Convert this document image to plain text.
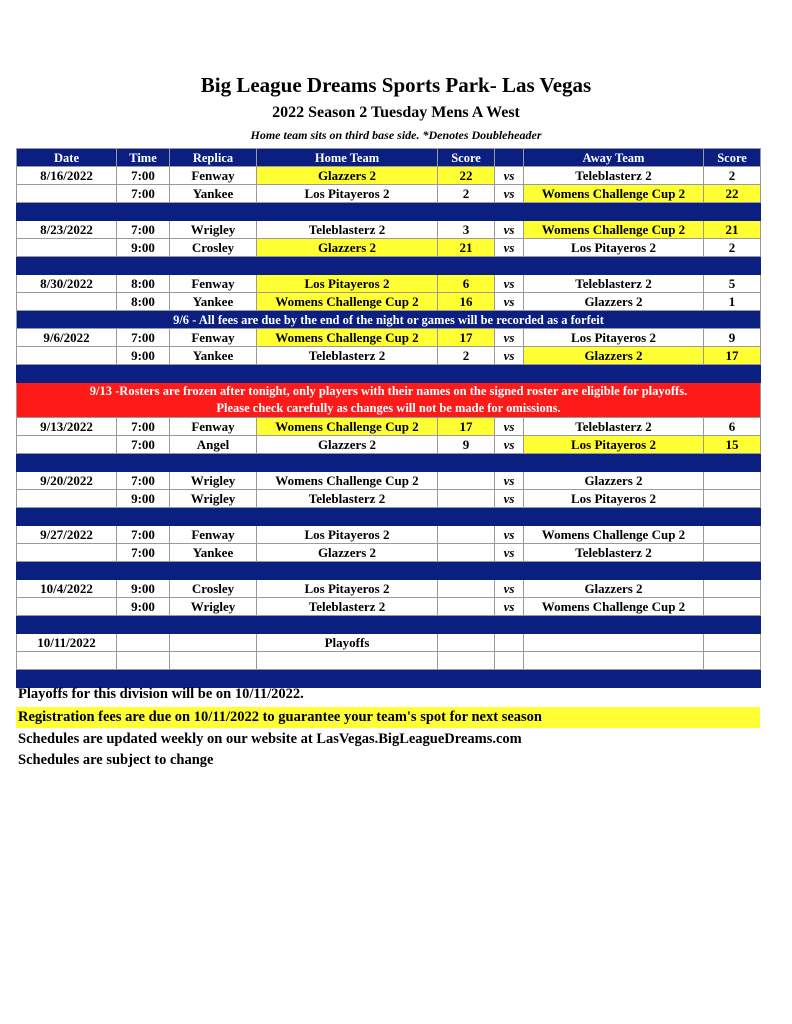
Big League Dreams Sports Park- Las Vegas
2022 Season 2 Tuesday Mens A West
Home team sits on third base side. *Denotes Doubleheader
Date	Time	Replica	Home Team	Score		Away Team	Score
8/16/2022	7:00	Fenway	Glazzers 2	22	vs	Teleblasterz 2	2
	7:00	Yankee	Los Pitayeros 2	2	vs	Womens Challenge Cup 2	22

8/23/2022	7:00	Wrigley	Teleblasterz 2	3	vs	Womens Challenge Cup 2	21
	9:00	Crosley	Glazzers 2	21	vs	Los Pitayeros 2	2

8/30/2022	8:00	Fenway	Los Pitayeros 2	6	vs	Teleblasterz 2	5
	8:00	Yankee	Womens Challenge Cup 2	16	vs	Glazzers 2	1
9/6 - All fees are due by the end of the night or games will be recorded as a forfeit							
9/6/2022	7:00	Fenway	Womens Challenge Cup 2	17	vs	Los Pitayeros 2	9
	9:00	Yankee	Teleblasterz 2	2	vs	Glazzers 2	17

9/13 -Rosters are frozen after tonight, only players with their names on the signed roster are eligible for playoffs.
Please check carefully as changes will not be made for omissions.							

9/13/2022	7:00	Fenway	Womens Challenge Cup 2	17	vs	Teleblasterz 2	6
	7:00	Angel	Glazzers 2	9	vs	Los Pitayeros 2	15

9/20/2022	7:00	Wrigley	Womens Challenge Cup 2		vs	Glazzers 2	
	9:00	Wrigley	Teleblasterz 2		vs	Los Pitayeros 2	

9/27/2022	7:00	Fenway	Los Pitayeros 2		vs	Womens Challenge Cup 2	
	7:00	Yankee	Glazzers 2		vs	Teleblasterz 2	

10/4/2022	9:00	Crosley	Los Pitayeros 2		vs	Glazzers 2	
	9:00	Wrigley	Teleblasterz 2		vs	Womens Challenge Cup 2	

10/11/2022			Playoffs				

Playoffs for this division will be on 10/11/2022.
Registration fees are due on 10/11/2022 to guarantee your team's spot for next season
Schedules are updated weekly on our website at LasVegas.BigLeagueDreams.com
Schedules are subject to change
